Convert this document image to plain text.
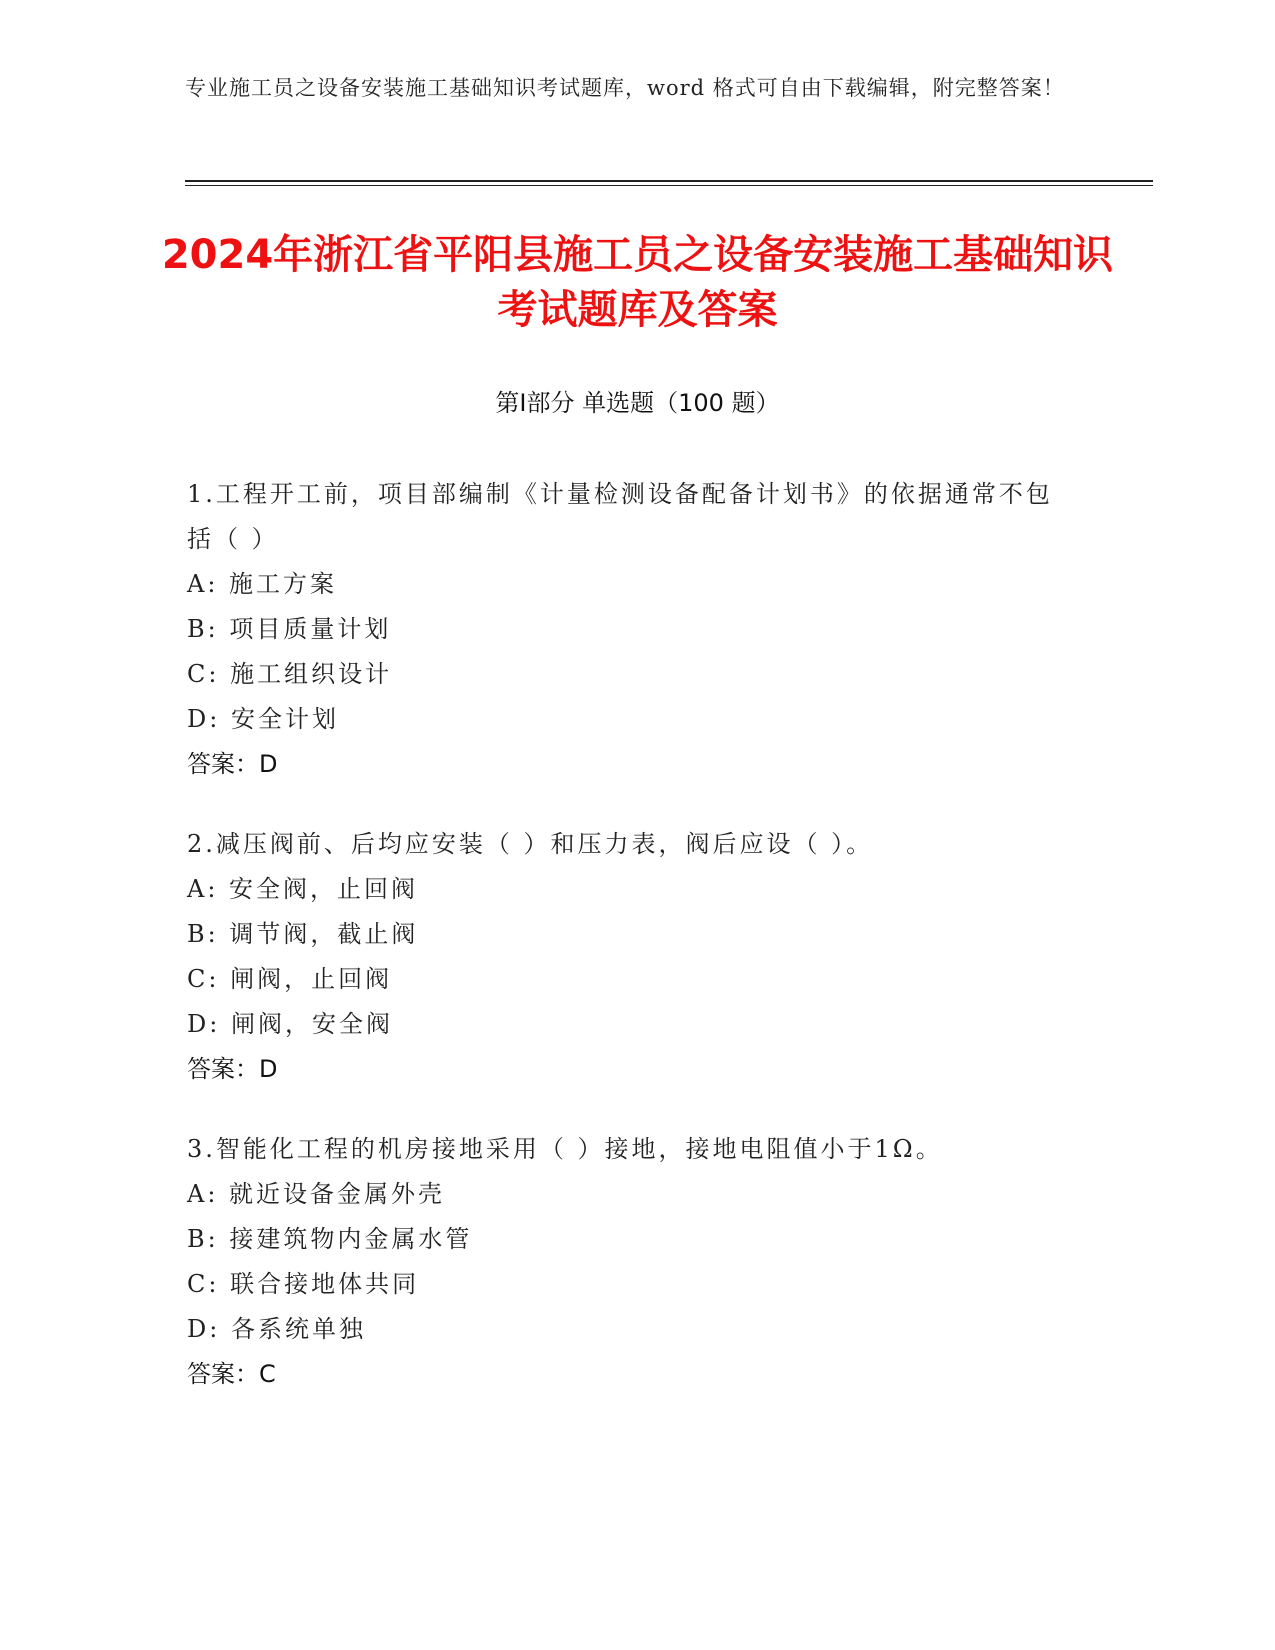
专业施工员之设备安装施工基础知识考试题库，word 格式可自由下载编辑，附完整答案！
2024年浙江省平阳县施工员之设备安装施工基础知识考试题库及答案
第Ⅰ部分 单选题（100 题）
1.工程开工前，项目部编制《计量检测设备配备计划书》的依据通常不包括（ ）
A: 施工方案
B: 项目质量计划
C: 施工组织设计
D: 安全计划
答案：D
2.减压阀前、后均应安装（ ）和压力表，阀后应设（ ）。
A: 安全阀，止回阀
B: 调节阀，截止阀
C: 闸阀，止回阀
D: 闸阀，安全阀
答案：D
3.智能化工程的机房接地采用（ ）接地，接地电阻值小于1Ω。
A: 就近设备金属外壳
B: 接建筑物内金属水管
C: 联合接地体共同
D: 各系统单独
答案：C
